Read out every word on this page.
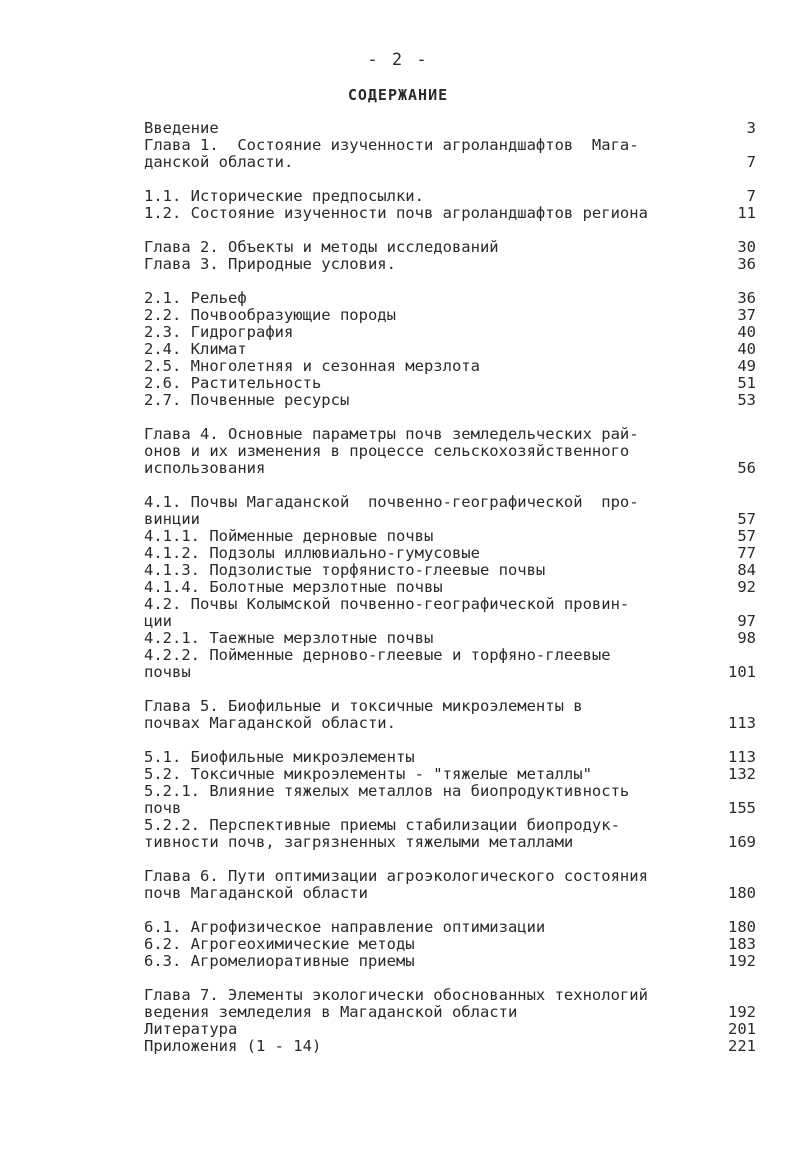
- 2 -
СОДЕРЖАНИЕ
Введение	3
Глава 1.  Состояние изученности агроландшафтов  Мага-
данской области.	7
1.1. Исторические предпосылки.	7
1.2. Состояние изученности почв агроландшафтов региона	11
Глава 2. Объекты и методы исследований	30
Глава 3. Природные условия.	36
2.1. Рельеф	36
2.2. Почвообразующие породы	37
2.3. Гидрография	40
2.4. Климат	40
2.5. Многолетняя и сезонная мерзлота	49
2.6. Растительность	51
2.7. Почвенные ресурсы	53
Глава 4. Основные параметры почв земледельческих рай-
онов и их изменения в процессе сельскохозяйственного
использования	56
4.1. Почвы Магаданской  почвенно-географической  про-
винции	57
4.1.1. Пойменные дерновые почвы	57
4.1.2. Подзолы иллювиально-гумусовые	77
4.1.3. Подзолистые торфянисто-глеевые почвы	84
4.1.4. Болотные мерзлотные почвы	92
4.2. Почвы Колымской почвенно-географической провин-
ции	97
4.2.1. Таежные мерзлотные почвы	98
4.2.2. Пойменные дерново-глеевые и торфяно-глеевые
почвы	101
Глава 5. Биофильные и токсичные микроэлементы в
почвах Магаданской области.	113
5.1. Биофильные микроэлементы	113
5.2. Токсичные микроэлементы - "тяжелые металлы"	132
5.2.1. Влияние тяжелых металлов на биопродуктивность
почв	155
5.2.2. Перспективные приемы стабилизации биопродук-
тивности почв, загрязненных тяжелыми металлами	169
Глава 6. Пути оптимизации агроэкологического состояния
почв Магаданской области	180
6.1. Агрофизическое направление оптимизации	180
6.2. Агрогеохимические методы	183
6.3. Агромелиоративные приемы	192
Глава 7. Элементы экологически обоснованных технологий
ведения земледелия в Магаданской области	192
Литература	201
Приложения (1 - 14)	221
